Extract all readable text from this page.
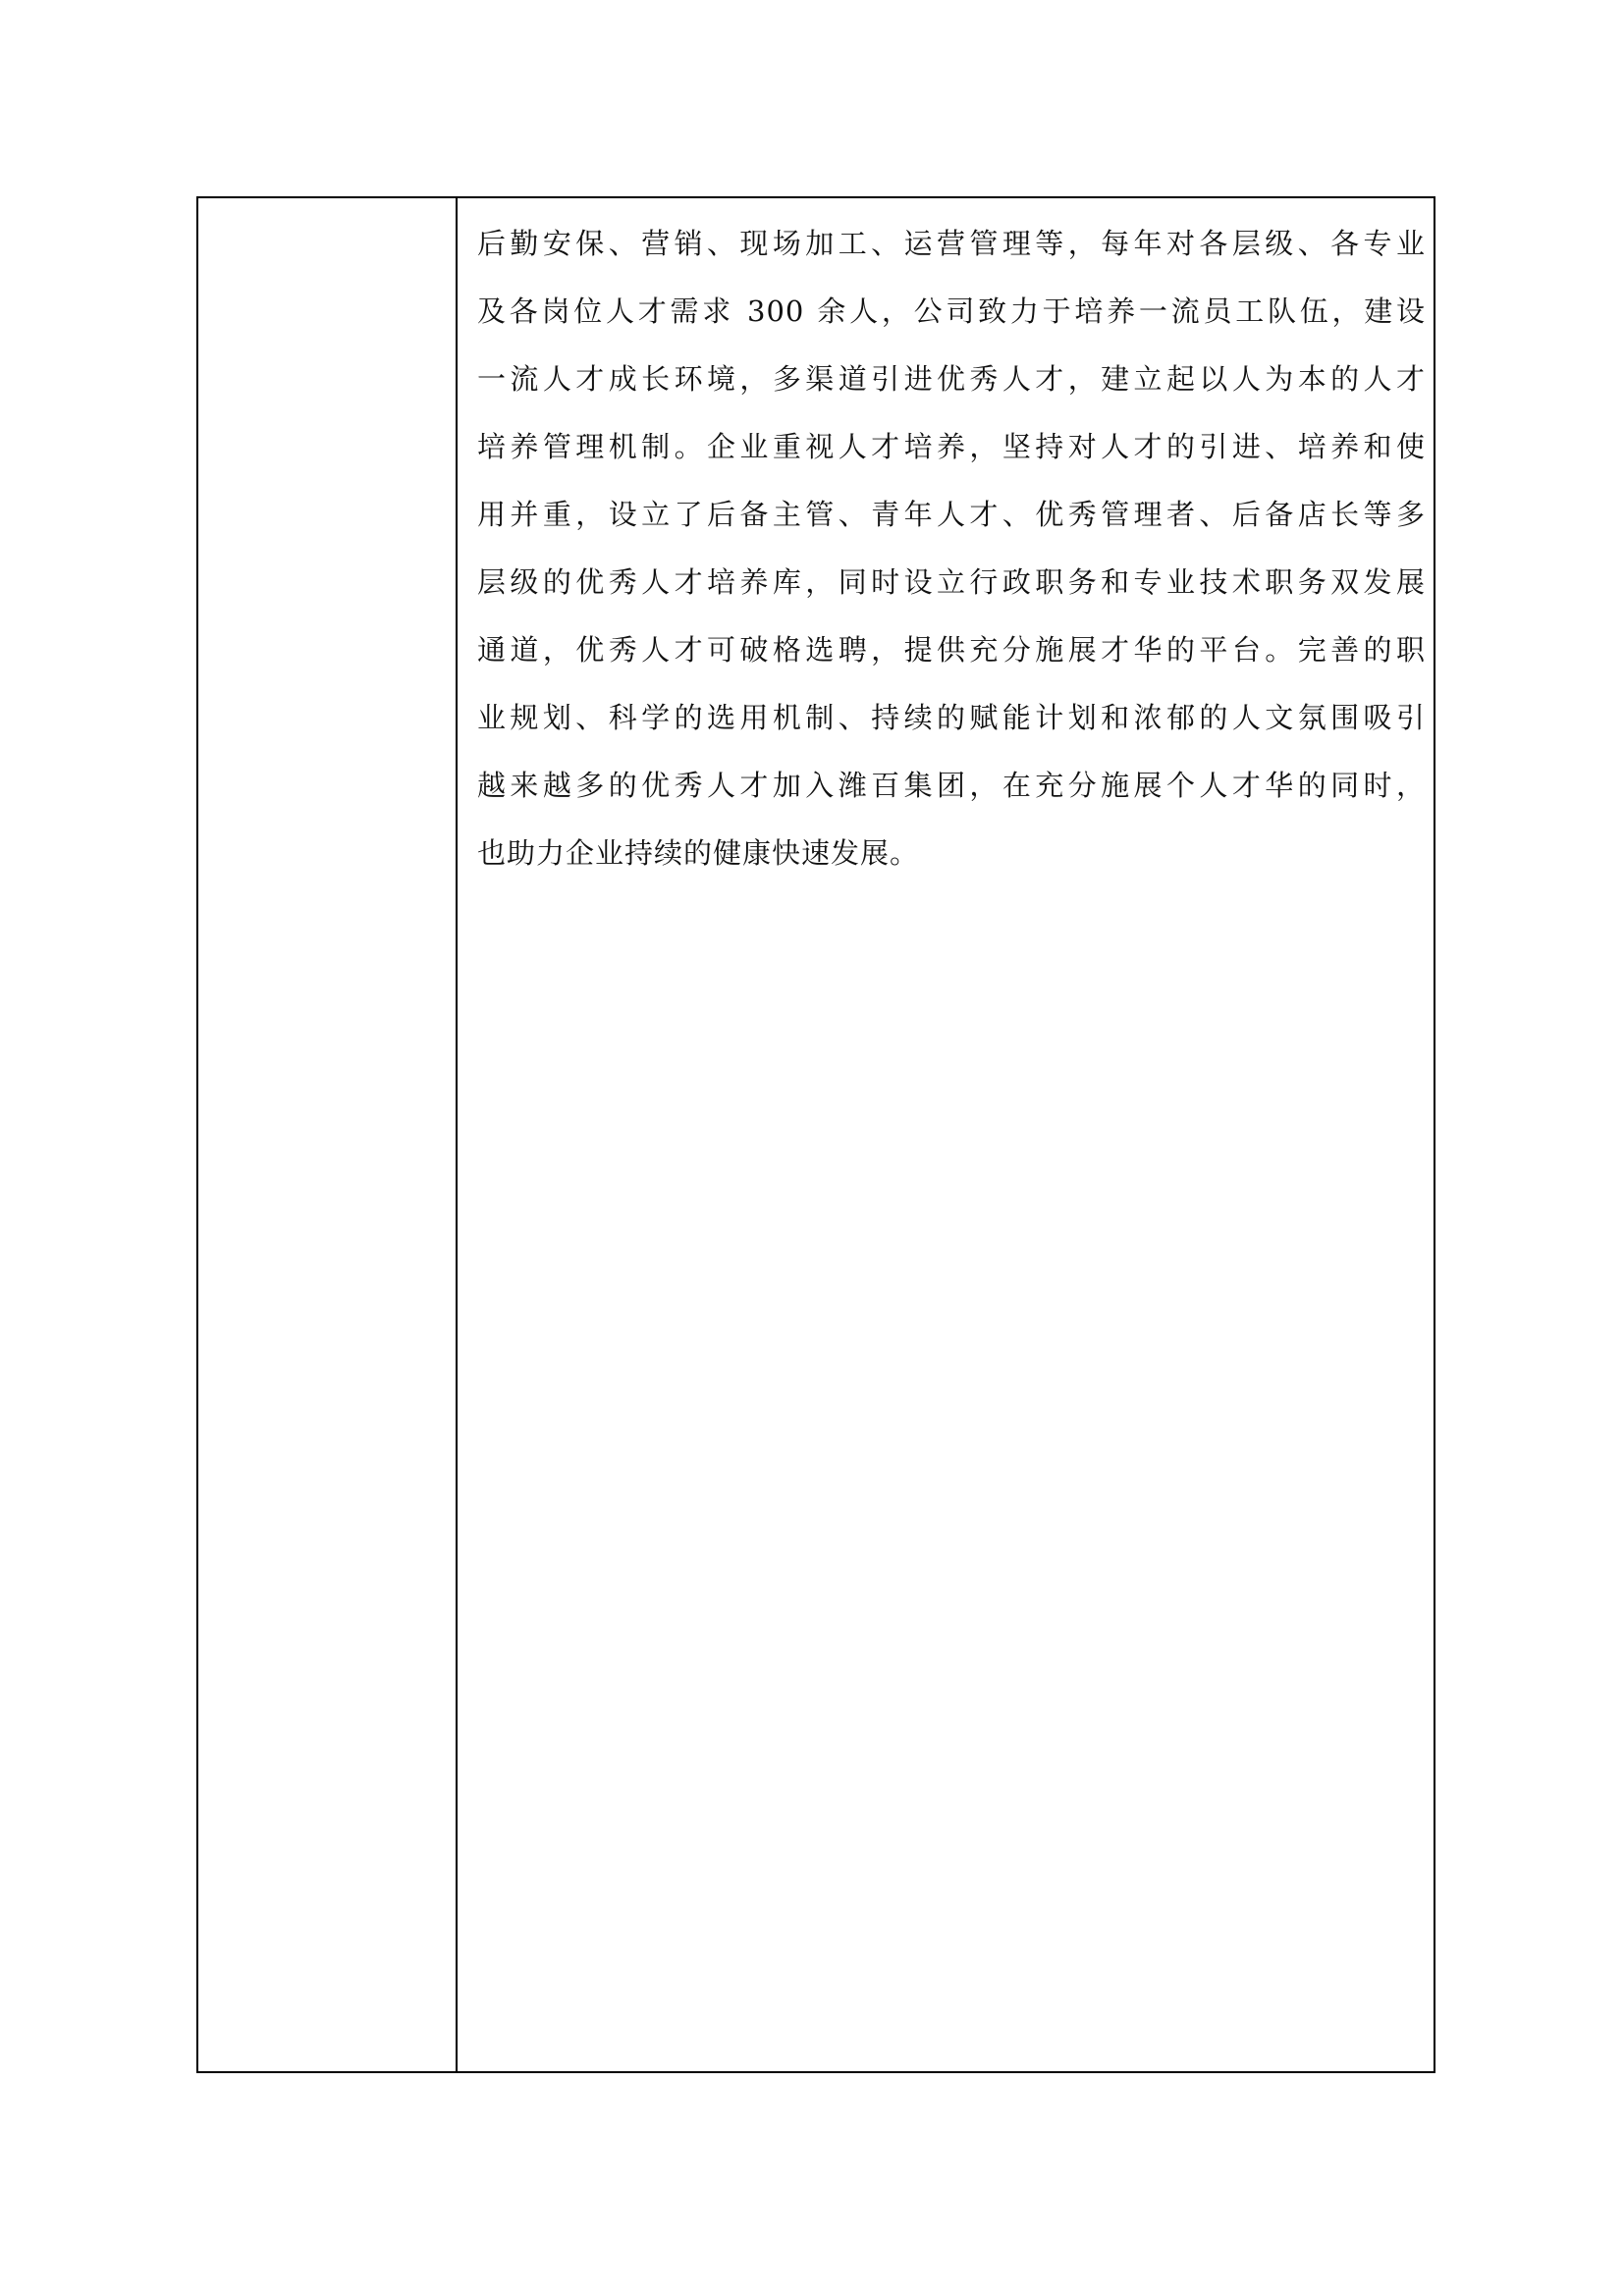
后勤安保、营销、现场加工、运营管理等，每年对各层级、各专业
及各岗位人才需求 300 余人，公司致力于培养一流员工队伍，建设
一流人才成长环境，多渠道引进优秀人才，建立起以人为本的人才
培养管理机制。企业重视人才培养，坚持对人才的引进、培养和使
用并重，设立了后备主管、青年人才、优秀管理者、后备店长等多
层级的优秀人才培养库，同时设立行政职务和专业技术职务双发展
通道，优秀人才可破格选聘，提供充分施展才华的平台。完善的职
业规划、科学的选用机制、持续的赋能计划和浓郁的人文氛围吸引
越来越多的优秀人才加入潍百集团，在充分施展个人才华的同时，
也助力企业持续的健康快速发展。
